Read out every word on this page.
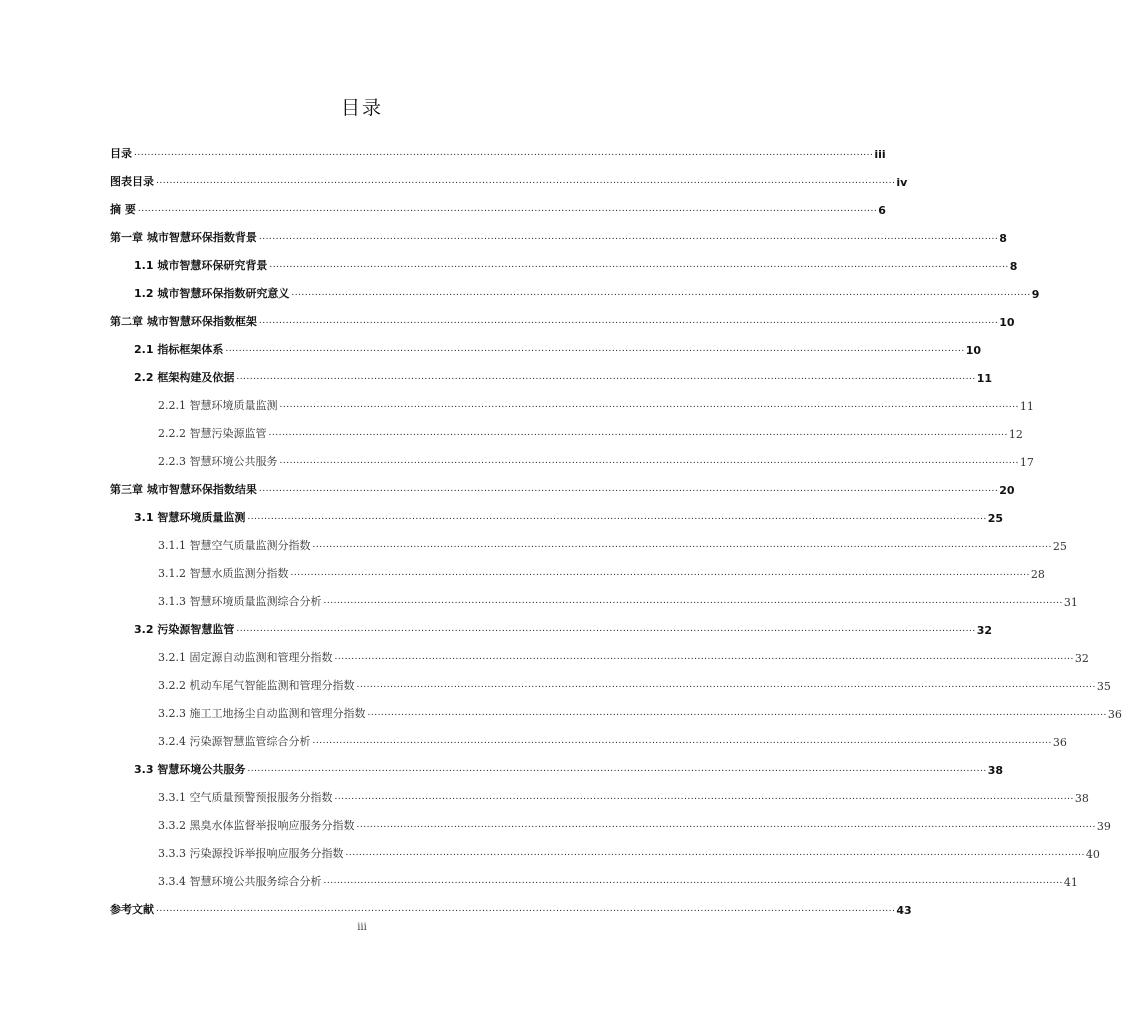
目录
目录 ............................................................................................................................................................................................................................ iii
图表目录 ............................................................................................................................................................................................................................ iv
摘 要 ............................................................................................................................................................................................................................ 6
第一章 城市智慧环保指数背景 ............................................................................................................................................................................................................................ 8
1.1 城市智慧环保研究背景 ............................................................................................................................................................................................................................ 8
1.2 城市智慧环保指数研究意义 ............................................................................................................................................................................................................................ 9
第二章 城市智慧环保指数框架 ............................................................................................................................................................................................................................ 10
2.1 指标框架体系 ............................................................................................................................................................................................................................ 10
2.2 框架构建及依据 ............................................................................................................................................................................................................................ 11
2.2.1 智慧环境质量监测 ............................................................................................................................................................................................................................ 11
2.2.2 智慧污染源监管 ............................................................................................................................................................................................................................ 12
2.2.3 智慧环境公共服务 ............................................................................................................................................................................................................................ 17
第三章 城市智慧环保指数结果 ............................................................................................................................................................................................................................ 20
3.1 智慧环境质量监测 ............................................................................................................................................................................................................................ 25
3.1.1 智慧空气质量监测分指数 ............................................................................................................................................................................................................................ 25
3.1.2 智慧水质监测分指数 ............................................................................................................................................................................................................................ 28
3.1.3 智慧环境质量监测综合分析 ............................................................................................................................................................................................................................ 31
3.2 污染源智慧监管 ............................................................................................................................................................................................................................ 32
3.2.1 固定源自动监测和管理分指数 ............................................................................................................................................................................................................................ 32
3.2.2 机动车尾气智能监测和管理分指数 ............................................................................................................................................................................................................................ 35
3.2.3 施工工地扬尘自动监测和管理分指数 ............................................................................................................................................................................................................................ 36
3.2.4 污染源智慧监管综合分析 ............................................................................................................................................................................................................................ 36
3.3 智慧环境公共服务 ............................................................................................................................................................................................................................ 38
3.3.1 空气质量预警预报服务分指数 ............................................................................................................................................................................................................................ 38
3.3.2 黑臭水体监督举报响应服务分指数 ............................................................................................................................................................................................................................ 39
3.3.3 污染源投诉举报响应服务分指数 ............................................................................................................................................................................................................................ 40
3.3.4 智慧环境公共服务综合分析 ............................................................................................................................................................................................................................ 41
参考文献 ............................................................................................................................................................................................................................ 43
iii
